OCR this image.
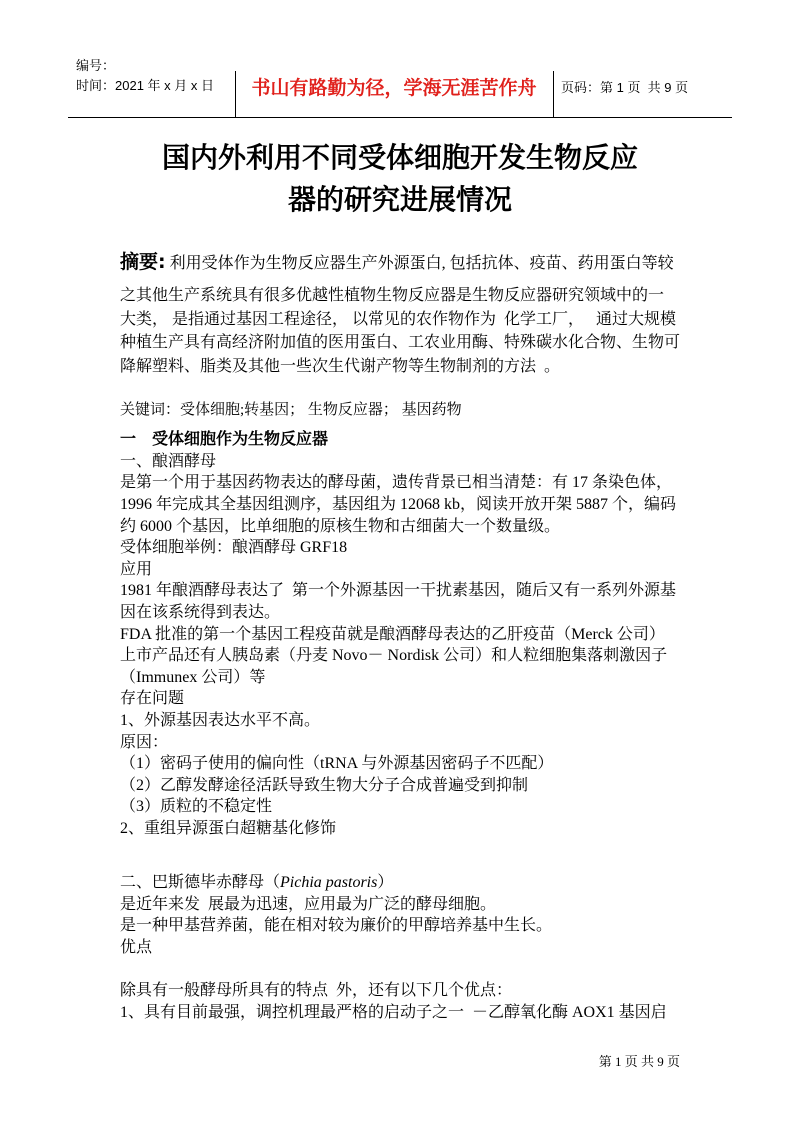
编号：
时间：2021 年 x 月 x 日	书山有路勤为径，学海无涯苦作舟	页码：第 1 页  共 9 页
国内外利用不同受体细胞开发生物反应
器的研究进展情况
摘要: 利用受体作为生物反应器生产外源蛋白, 包括抗体、疫苗、药用蛋白等较
之其他生产系统具有很多优越性植物生物反应器是生物反应器研究领域中的一
大类， 是指通过基因工程途径， 以常见的农作物作为  化学工厂，   通过大规模
种植生产具有高经济附加值的医用蛋白、工农业用酶、特殊碳水化合物、生物可
降解塑料、脂类及其他一些次生代谢产物等生物制剂的方法  。
关键词：受体细胞;转基因； 生物反应器； 基因药物
一    受体细胞作为生物反应器
一、酿酒酵母
是第一个用于基因药物表达的酵母菌，遗传背景已相当清楚：有 17 条染色体，
1996 年完成其全基因组测序，基因组为 12068 kb，阅读开放开架 5887 个，编码
约 6000 个基因，比单细胞的原核生物和古细菌大一个数量级。
受体细胞举例：酿酒酵母 GRF18
应用
1981 年酿酒酵母表达了  第一个外源基因一干扰素基因，随后又有一系列外源基
因在该系统得到表达。
FDA 批准的第一个基因工程疫苗就是酿酒酵母表达的乙肝疫苗（Merck 公司）
上市产品还有人胰岛素（丹麦 Novo－ Nordisk 公司）和人粒细胞集落刺激因子
（Immunex 公司）等
存在问题
1、外源基因表达水平不高。
原因：
（1）密码子使用的偏向性（tRNA 与外源基因密码子不匹配）
（2）乙醇发酵途径活跃导致生物大分子合成普遍受到抑制
（3）质粒的不稳定性
2、重组异源蛋白超糖基化修饰
二、巴斯德毕赤酵母（Pichia pastoris）
是近年来发  展最为迅速，应用最为广泛的酵母细胞。
是一种甲基营养菌，能在相对较为廉价的甲醇培养基中生长。
优点
除具有一般酵母所具有的特点  外，还有以下几个优点：
1、具有目前最强，调控机理最严格的启动子之一  －乙醇氧化酶 AOX1 基因启
第 1 页 共 9 页
